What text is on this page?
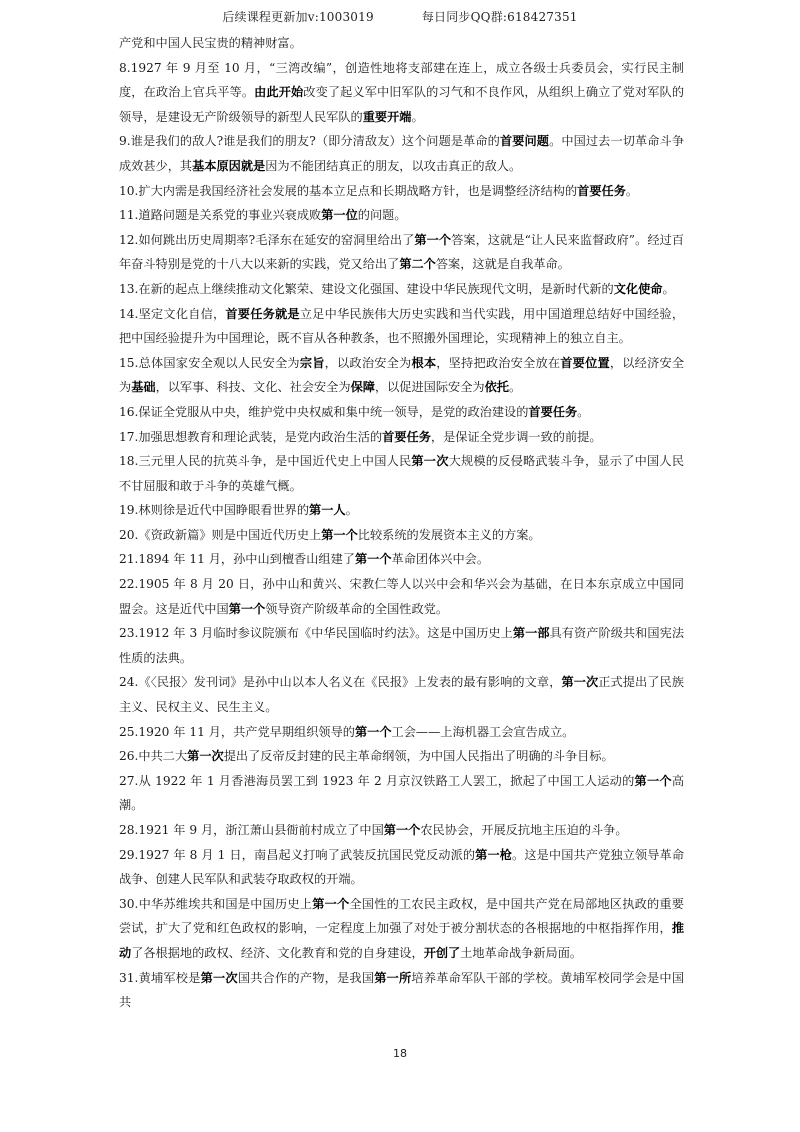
后续课程更新加v:1003019	每日同步QQ群:618427351

产党和中国人民宝贵的精神财富。

8.1927 年 9 月至 10 月，“三湾改编”，创造性地将支部建在连上，成立各级士兵委员会，实行民主制度，在政治上官兵平等。由此开始改变了起义军中旧军队的习气和不良作风，从组织上确立了党对军队的领导，是建设无产阶级领导的新型人民军队的重要开端。

9.谁是我们的敌人?谁是我们的朋友?（即分清敌友）这个问题是革命的首要问题。中国过去一切革命斗争成效甚少，其基本原因就是因为不能团结真正的朋友，以攻击真正的敌人。

10.扩大内需是我国经济社会发展的基本立足点和长期战略方针，也是调整经济结构的首要任务。

11.道路问题是关系党的事业兴衰成败第一位的问题。

12.如何跳出历史周期率?毛泽东在延安的窑洞里给出了第一个答案，这就是“让人民来监督政府”。经过百年奋斗特别是党的十八大以来新的实践，党又给出了第二个答案，这就是自我革命。

13.在新的起点上继续推动文化繁荣、建设文化强国、建设中华民族现代文明，是新时代新的文化使命。

14.坚定文化自信，首要任务就是立足中华民族伟大历史实践和当代实践，用中国道理总结好中国经验，把中国经验提升为中国理论，既不盲从各种教条，也不照搬外国理论，实现精神上的独立自主。

15.总体国家安全观以人民安全为宗旨，以政治安全为根本，坚持把政治安全放在首要位置，以经济安全为基础，以军事、科技、文化、社会安全为保障，以促进国际安全为依托。

16.保证全党服从中央，维护党中央权威和集中统一领导，是党的政治建设的首要任务。

17.加强思想教育和理论武装，是党内政治生活的首要任务，是保证全党步调一致的前提。

18.三元里人民的抗英斗争，是中国近代史上中国人民第一次大规模的反侵略武装斗争，显示了中国人民不甘屈服和敢于斗争的英雄气概。

19.林则徐是近代中国睁眼看世界的第一人。

20.《资政新篇》则是中国近代历史上第一个比较系统的发展资本主义的方案。

21.1894 年 11 月，孙中山到檀香山组建了第一个革命团体兴中会。

22.1905 年 8 月 20 日，孙中山和黄兴、宋教仁等人以兴中会和华兴会为基础，在日本东京成立中国同盟会。这是近代中国第一个领导资产阶级革命的全国性政党。

23.1912 年 3 月临时参议院颁布《中华民国临时约法》。这是中国历史上第一部具有资产阶级共和国宪法性质的法典。

24.《〈民报〉发刊词》是孙中山以本人名义在《民报》上发表的最有影响的文章，第一次正式提出了民族主义、民权主义、民生主义。

25.1920 年 11 月，共产党早期组织领导的第一个工会——上海机器工会宣告成立。

26.中共二大第一次提出了反帝反封建的民主革命纲领，为中国人民指出了明确的斗争目标。

27.从 1922 年 1 月香港海员罢工到 1923 年 2 月京汉铁路工人罢工，掀起了中国工人运动的第一个高潮。

28.1921 年 9 月，浙江萧山县衙前村成立了中国第一个农民协会，开展反抗地主压迫的斗争。

29.1927 年 8 月 1 日，南昌起义打响了武装反抗国民党反动派的第一枪。这是中国共产党独立领导革命战争、创建人民军队和武装夺取政权的开端。

30.中华苏维埃共和国是中国历史上第一个全国性的工农民主政权，是中国共产党在局部地区执政的重要尝试，扩大了党和红色政权的影响，一定程度上加强了对处于被分割状态的各根据地的中枢指挥作用，推动了各根据地的政权、经济、文化教育和党的自身建设，开创了土地革命战争新局面。

31.黄埔军校是第一次国共合作的产物，是我国第一所培养革命军队干部的学校。黄埔军校同学会是中国共

18
